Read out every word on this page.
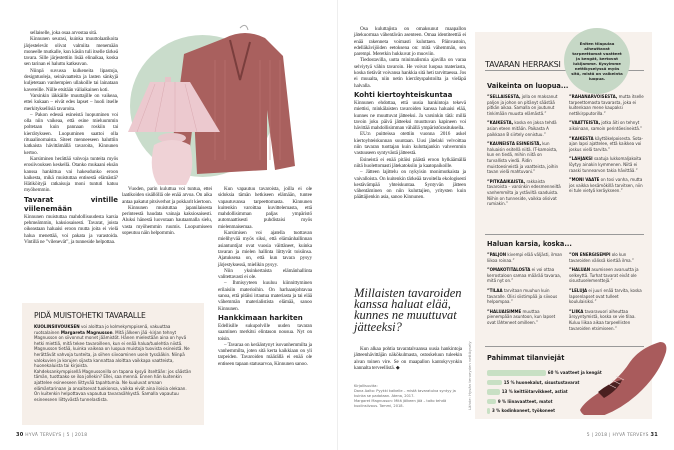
sellaiselle, joka osaa arvostaa sitä.

Kinnunen seurasi, kuinka muuttolaatikoita järjestelevät olivat valmiita menemään moneelle mutkalle, kun käsiin tuli itselle tärkeä tavara. Sille järjestettiin lisää elinaikaa, koska sen tarinan ei haluttu katkeavan.

Niinpä suvussa kulkeneita lipastoja, designtuoleja, seinävaatteita ja lasten sänkyjä kuljetetaan vanhempien ullakoille tai lainataan kavereille. Niille etsitään väliaikainen koti.

Varsinkin iäkkäille muuttajille on vaikeaa, ettei kukaan – eivät edes lapset – huoli itselle merkityksellisiä tavaroita.

– Pakon edessä esineistä luopuminen voi olla niin vaikeaa, että esine mieluummin poltetaan kuin pannaan roskiin tai kierrätykseen. Luopuminen saattoi olla rituaalinomaista. Siteet menneeseen haluttiin katkaista hävittämällä tavaroita, Kinnunen kertoo.

Karsiminen herättää vahvoja tunteita myös erosiivouksen keskellä. Otanko mukaani eksän kanssa hankittua vai hakeudunko eroon kaikesta, mikä muistuttaa entisestä elämästä? Hätiköityjä ratkaisuja moni tuntuti katuu myöhemmin.

Tavarat vintille viilenemään

Kinnunen muistuttaa mahdollisuudesta karsia pehmeämmin, kaksiosaisesti. Tavarat, joista oikeastaan haluaisi eroon mutta joita ei vielä halua menettää, voi pakata ja varastoida. Vintillä ne ”vilenevät”, ja tunneside helpottaa.

Vuoden, parin kuluttua voi tuntua, ettei laatikoiden sisällöllä ole enää arvoa. On aika antaa pakatut pitsiverhot ja pokkarit kiertoon.

Kinnunen muistuttaa japanilaisesta perinteestä haudata vainaja kaksiosaisesti. Aluksi hänestä luovutaan hautaamalla sielu, vasta myöhemmin ruumis. Luopumiseen sopeutuu näin helpommin.

Kun vapautuu tavaroista, joilla ei ole sidoksia tämän hetkiseen elämään, tuntee vapautuvansa tarpeettomasta. Kinnunen kuitenkin varoittaa kuvittelemasta, että mahdollisimman paljas ympäristö automaattisesti puhdistaisi myös mielenmaisemaa.

Karsimisen voi ajatella tuottavan mielihyvää myös siksi, että elämänhallinnan asiantuntijat ovat vuosia väittäneet, kuinka tavaran ja mielen hallinta liittyvät toisiinsa. Ajatuksena on, että kun tavara pysyy järjestyksessä, mielikin pysyy.

Niin yksinkertaista elämänhallinta valitettavasti ei ole.

– Ihmisyyteen kuuluu kiinnittyminen erilaisiin materioihin. On harhaanjohtavaa sanoa, että pitäisi irtautua materiasta ja tai elää vähemmän materialistista elämää, sanoo Kinnunen.

Hankkimaan harkiten

Edellisille sukupolville uuden tavaran saaminen merkitsi elintason nousua. Nyt on toisin.

– Tavaraa on kerääntynyt isovanhemmilta ja vanhemmilta, joten sitä kerta kaikkiaan on yli tarpeiden. Tavaroiden määrällä ei enää ole entiseen tapaan statusarvoa, Kinnunen sanoo.

PIDÄ MUISTOHETKI TAVARALLE
KUOLINSIIVOUKSEN voi aloittaa jo kolmekymppisenä, vakuuttaa ruotsalainen Margareta Magnusson. Mitä jälkeen jää -kirjan tehnyt Magnusson on siivonnut monet jäämistöt. Hänen mielestään aina on hyvä hetki miettiä, mitä tekee tavaroilleen, kun ei enää halua/tuolehtia niistä. Magnusson tietää, kuinka vaikeaa on luopua muistoja tuovista esineistä. Ne herättävät vahvoja tunteita, ja siihen siivoaminen usein tyssääkin. Niinpä valokuvien ja korujen sijasta kannattaa aloittaa vaikkapa vaatteista, huonekaluista tai kirjoista.
Kahdeksankymppisellä Magnussonilla on tapana kysyä itseltään: jos säästän tämän, tuottaako se iloa jollekin? Ellei, saa mennä. Ennen hän kuitenkin ajattelee esineeseen liittyvää tapahtumia. Ne kuuluvat omaan elämäntarinaan ja ansaitsevat tuokionsa, vaikka eivät aina iloisia olekaan. On kuitenkin helpottavaa vapautua tavarasähkystä. Samalla vapautuu esineeseen liittyvästä tunnelastista.
30 HYVÄ TERVEYS | 5 | 2018

Osa kuluttajista on omaksunut maapallon jätekuormaa vähentävän asenteen. Omaa identiteettiä ei enää rakenneta voimasti kuluttaen. Päinvastoin, edelläkävijöiden eetoksena on: mitä vähemmän, sen parempi. Meretkin hukkuvat jo muoviin.

Tiedostavilla, uutta minimalismia ajavilla on varaa selviytyä vähin tavaroin. He voivat luopua materiasta, koska tietävät voivansa hankkia sitä heti tarvittaessa. Jos ei muualta, niin netin kierrätyspalstoilta ja vieläpä halvalla.

Kohti kiertoyhteiskuntaa

Kinnunen ehdottaa, että uusia hankintoja tekevä miettisi, minkälaisten tavaroiden kanssa haluaisi elää, kunnes ne muuttuvat jätteeksi. Ja varsinkin tätä: millä tavoin joku päivä jätteeksi muuttuvan kapineen voi hävittää mahdollisimman vähällä ympäristörasituksella.

EU:n puitteissa otettiin vuonna 2016 askel kiertoyhteiskunnan suuntaan. Uusi jätelaki velvoittaa niin tavaran tuottajan kuin kuluttajankin vahvemmin vastuuseen syntyvästä jätteestä.

Esineistä ei enää pitäisi päästä eroon hylkäämällä niitä huolettomasti jätekatoksiin ja kaatopaikoille.

– Jätteen lajittelu on nykyisin monimutkaista ja vaivalloista. On kuitenkin tärkeää tavoitella ekologisesti kestävämpää yhteiskuntaa. Syntyvän jätteen vähentäminen on niin kuluttajien, yritysten kuin päättäjienkin asia, sanoo Kinnunen.

Millaisten tavaroiden kanssa haluat elää, kunnes ne muuttuvat jätteeksi?

Kun alkaa pohtia tavaratalvaansa uusia hankintoja jätteenhävittäjän näkökulmasta, ostoskeluun tuleekin aivan toinen vire. Se on maapallon kantokyvynkin kannalta terveellistä. ◆

Kirjallisuutta:
Dana Aalto: Pyykki kaikelle – mistä tavaratulva syntyy ja kuinka se padotaan. Atena, 2017.
Margaret Magnusson: Mitä jälkeen jää – taito tehdä kuolinsiivous. Tammi, 2018.	Lähde: Hyvän terveyden nettikysely
TAVARAN HERRAKSI
Eniten tilapulaa aiheuttavat tarpeettomat vaatteet ja kengät, kertovat lukijamme. Kysyimme nettikyselyssä myös sitä, mistä on vaikeinta luopua.
Vaikeinta on luopua...
”SELLAISESTA, jolla on maksanut paljon ja johon on pitänyt säästää pitkän aikaa. Samalla on joutunut tinkimään muusta elämästä.”
”KAIKESTA, koska en jaksa tehdä asian eteen mitään. Paikasta A paikkaan B siirtely onnistuu.”
”KAUNEISTA ESINEISTÄ, kun haluaisin esitellä niitä. IT-kamoista, kun en tiedä, mihin niitä on turvallista viedä. Äidin muistoesineistä ja vaatteista, joihin tavan vielä mahtuvani.”
”PITKÄAIKAISTA, rakkaista tavaroista – varsinkin edesmenneiltä vanhemmilta ja ystäviltä saaduista. Niihin on tunneside, vaikka olisivat rumiakin.”
”RAHANARVOISESTA, mutta itselle tarpeettomasta tavarasta, joka ei kuitenkaan mene kaupaksi nettikirpputorilla.”
”VAATTEISTA, jotka äiti on tehnyt aikoinaan, samoin perintöesineistä.”
”KAIKESTA käyttökelpoisesta. Sota-ajan lapsi ajattelee, että kaikkea voi joskus vielä tarvita.”
”LAHJAKSI saatuja lukkomaljakoita löytyy ainakin kymmenen. Niitä ei raaski tunnearvon takia hävittää.”
”MONI VAATE on tosi vanha, mutta jos vaikka kesämökillä tarvitsen, niin ei tule vietyä keräykseen.”
Haluan karsia, koska...
”PALJON kivempi elää väljästi, ilman liikoa roinaa.”
”OMAKOTITALOSTA ei voi ottaa kerrostaloon samaa määrää tavaraa, mitä nyt on.”
”TILAA tarvitaan muuhun kuin tavaralle. Olisi siistimpää ja siivous helpompaa.”
”HALUAISIMME muuttaa pienempään asuntoon, kun lapset ovat lähteneet omilleen.”
”ON ENERGISEMPI olo kun tavaroiden välissä kiertää ilma.”
”HALUAN asumiseen avaruutta ja selkeyttä. Turhat tavarat eivät ole sisustuselementtejä.”
”LELUJA ei juuri enää tarvita, koska lapsenlapset ovat tulleet koululaisiksi.”
”LIIKA tavaravuori aiheuttaa ärsyyntymistä, koska se vie tilaa. Kuluu liikaa aikaa tarpeellisten tavaroiden etsimiseen.”
Pahimmat tilanviejät
60 % vaatteet ja kengät
15 % huonekalut, sisustustavarat
13 % keittiötarvikkeet, astiat
9 % liinavaatteet, matot
3 % kodinkoneet, työkoneet
5 | 2018 | HYVÄ TERVEYS 31
